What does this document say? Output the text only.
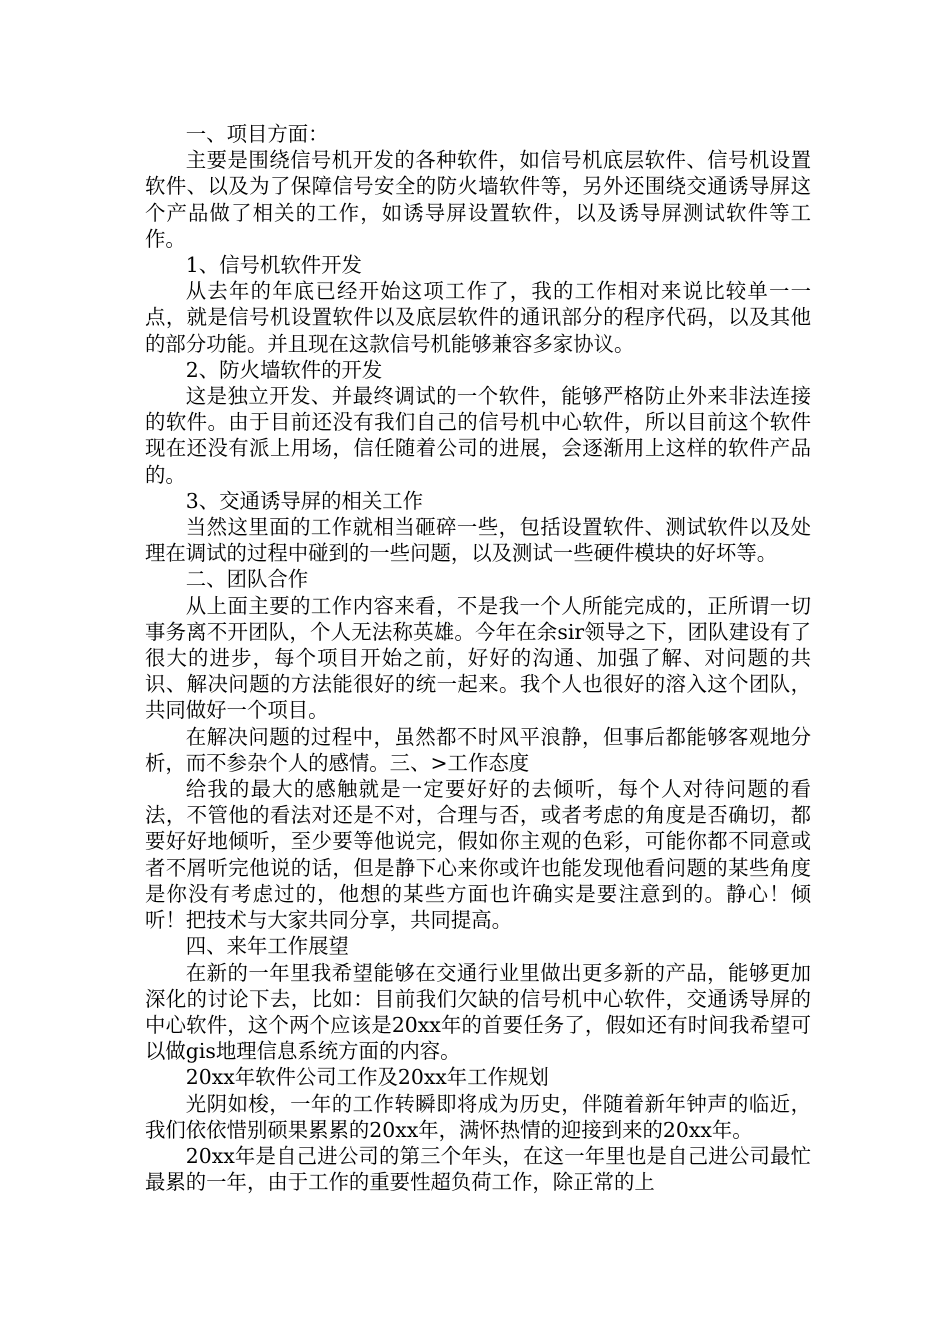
一、项目方面：

主要是围绕信号机开发的各种软件，如信号机底层软件、信号机设置软件、以及为了保障信号安全的防火墙软件等，另外还围绕交通诱导屏这个产品做了相关的工作，如诱导屏设置软件，以及诱导屏测试软件等工作。

1、信号机软件开发

从去年的年底已经开始这项工作了，我的工作相对来说比较单一一点，就是信号机设置软件以及底层软件的通讯部分的程序代码，以及其他的部分功能。并且现在这款信号机能够兼容多家协议。

2、防火墙软件的开发

这是独立开发、并最终调试的一个软件，能够严格防止外来非法连接的软件。由于目前还没有我们自己的信号机中心软件，所以目前这个软件现在还没有派上用场，信任随着公司的进展，会逐渐用上这样的软件产品的。

3、交通诱导屏的相关工作

当然这里面的工作就相当砸碎一些，包括设置软件、测试软件以及处理在调试的过程中碰到的一些问题，以及测试一些硬件模块的好坏等。

二、团队合作

从上面主要的工作内容来看，不是我一个人所能完成的，正所谓一切事务离不开团队，个人无法称英雄。今年在余sir领导之下，团队建设有了很大的进步，每个项目开始之前，好好的沟通、加强了解、对问题的共识、解决问题的方法能很好的统一起来。我个人也很好的溶入这个团队，共同做好一个项目。

在解决问题的过程中，虽然都不时风平浪静，但事后都能够客观地分析，而不参杂个人的感情。三、>工作态度

给我的最大的感触就是一定要好好的去倾听，每个人对待问题的看法，不管他的看法对还是不对，合理与否，或者考虑的角度是否确切，都要好好地倾听，至少要等他说完，假如你主观的色彩，可能你都不同意或者不屑听完他说的话，但是静下心来你或许也能发现他看问题的某些角度是你没有考虑过的，他想的某些方面也许确实是要注意到的。静心！倾听！把技术与大家共同分享，共同提高。

四、来年工作展望

在新的一年里我希望能够在交通行业里做出更多新的产品，能够更加深化的讨论下去，比如：目前我们欠缺的信号机中心软件，交通诱导屏的中心软件，这个两个应该是20xx年的首要任务了，假如还有时间我希望可以做gis地理信息系统方面的内容。

20xx年软件公司工作及20xx年工作规划

光阴如梭，一年的工作转瞬即将成为历史，伴随着新年钟声的临近，我们依依惜别硕果累累的20xx年，满怀热情的迎接到来的20xx年。

20xx年是自己进公司的第三个年头，在这一年里也是自己进公司最忙最累的一年，由于工作的重要性超负荷工作，除正常的上
